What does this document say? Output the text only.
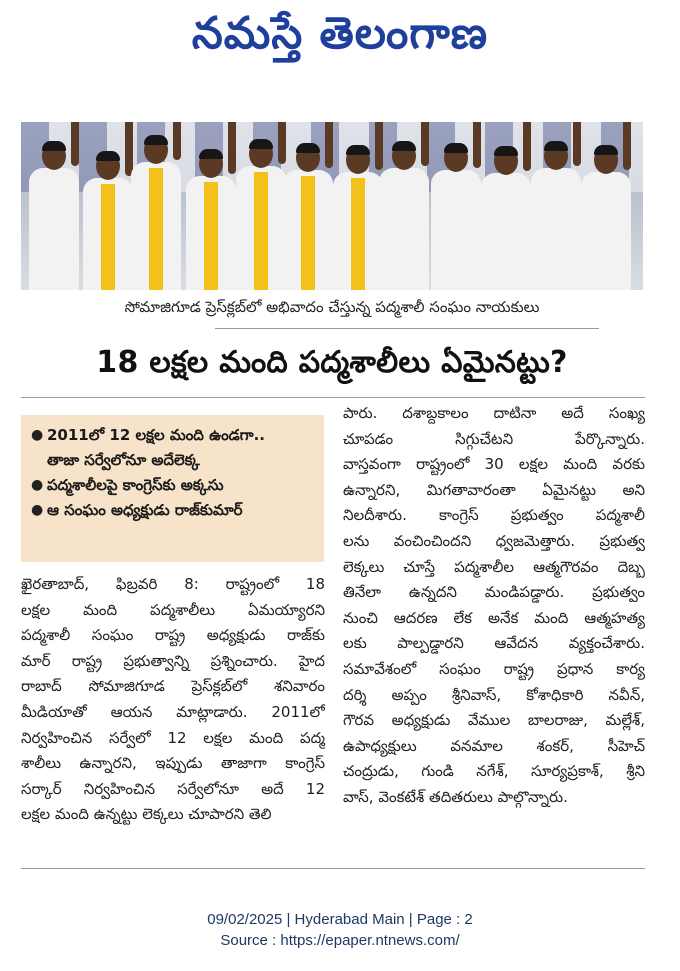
నమస్తే తెలంగాణ
సోమాజిగూడ ప్రెస్‌క్లబ్‌లో అభివాదం చేస్తున్న పద్మశాలీ సంఘం నాయకులు
18 లక్షల మంది పద్మశాలీలు ఏమైనట్టు?
● 2011లో 12 లక్షల మంది ఉండగా..
తాజా సర్వేలోనూ అదేలెక్క
● పద్మశాలీలపై కాంగ్రెస్‌కు అక్కసు
● ఆ సంఘం అధ్యక్షుడు రాజ్‌కుమార్
ఖైరతాబాద్, ఫిబ్రవరి 8: రాష్ట్రంలో 18
లక్షల మంది పద్మశాలీలు ఏమయ్యారని
పద్మశాలీ సంఘం రాష్ట్ర అధ్యక్షుడు రాజ్‌కు
మార్ రాష్ట్ర ప్రభుత్వాన్ని ప్రశ్నించారు. హైద
రాబాద్ సోమాజిగూడ ప్రెస్‌క్లబ్‌లో శనివారం
మీడియాతో ఆయన మాట్లాడారు. 2011లో
నిర్వహించిన సర్వేలో 12 లక్షల మంది పద్మ
శాలీలు ఉన్నారని, ఇప్పుడు తాజాగా కాంగ్రెస్
సర్కార్ నిర్వహించిన సర్వేలోనూ అదే 12
లక్షల మంది ఉన్నట్టు లెక్కలు చూపారని తెలి
పారు. దశాబ్దకాలం దాటినా అదే సంఖ్య
చూపడం సిగ్గుచేటని పేర్కొన్నారు.
వాస్తవంగా రాష్ట్రంలో 30 లక్షల మంది వరకు
ఉన్నారని, మిగతావారంతా ఏమైనట్టు అని
నిలదీశారు. కాంగ్రెస్ ప్రభుత్వం పద్మశాలీ
లను వంచించిందని ధ్వజమెత్తారు. ప్రభుత్వ
లెక్కలు చూస్తే పద్మశాలీల ఆత్మగౌరవం దెబ్బ
తినేలా ఉన్నదని మండిపడ్డారు. ప్రభుత్వం
నుంచి ఆదరణ లేక అనేక మంది ఆత్మహత్య
లకు పాల్పడ్డారని ఆవేదన వ్యక్తంచేశారు.
సమావేశంలో సంఘం రాష్ట్ర ప్రధాన కార్య
దర్శి అప్పం శ్రీనివాస్, కోశాధికారి నవీన్,
గౌరవ అధ్యక్షుడు వేముల బాలరాజు, మల్లేశ్,
ఉపాధ్యక్షులు వనమాల శంకర్, సీహెచ్
చంద్రుడు, గుండి నగేశ్, సూర్యప్రకాశ్, శ్రీని
వాస్, వెంకటేశ్ తదితరులు పాల్గొన్నారు.
09/02/2025 | Hyderabad Main | Page : 2
Source : https://epaper.ntnews.com/
